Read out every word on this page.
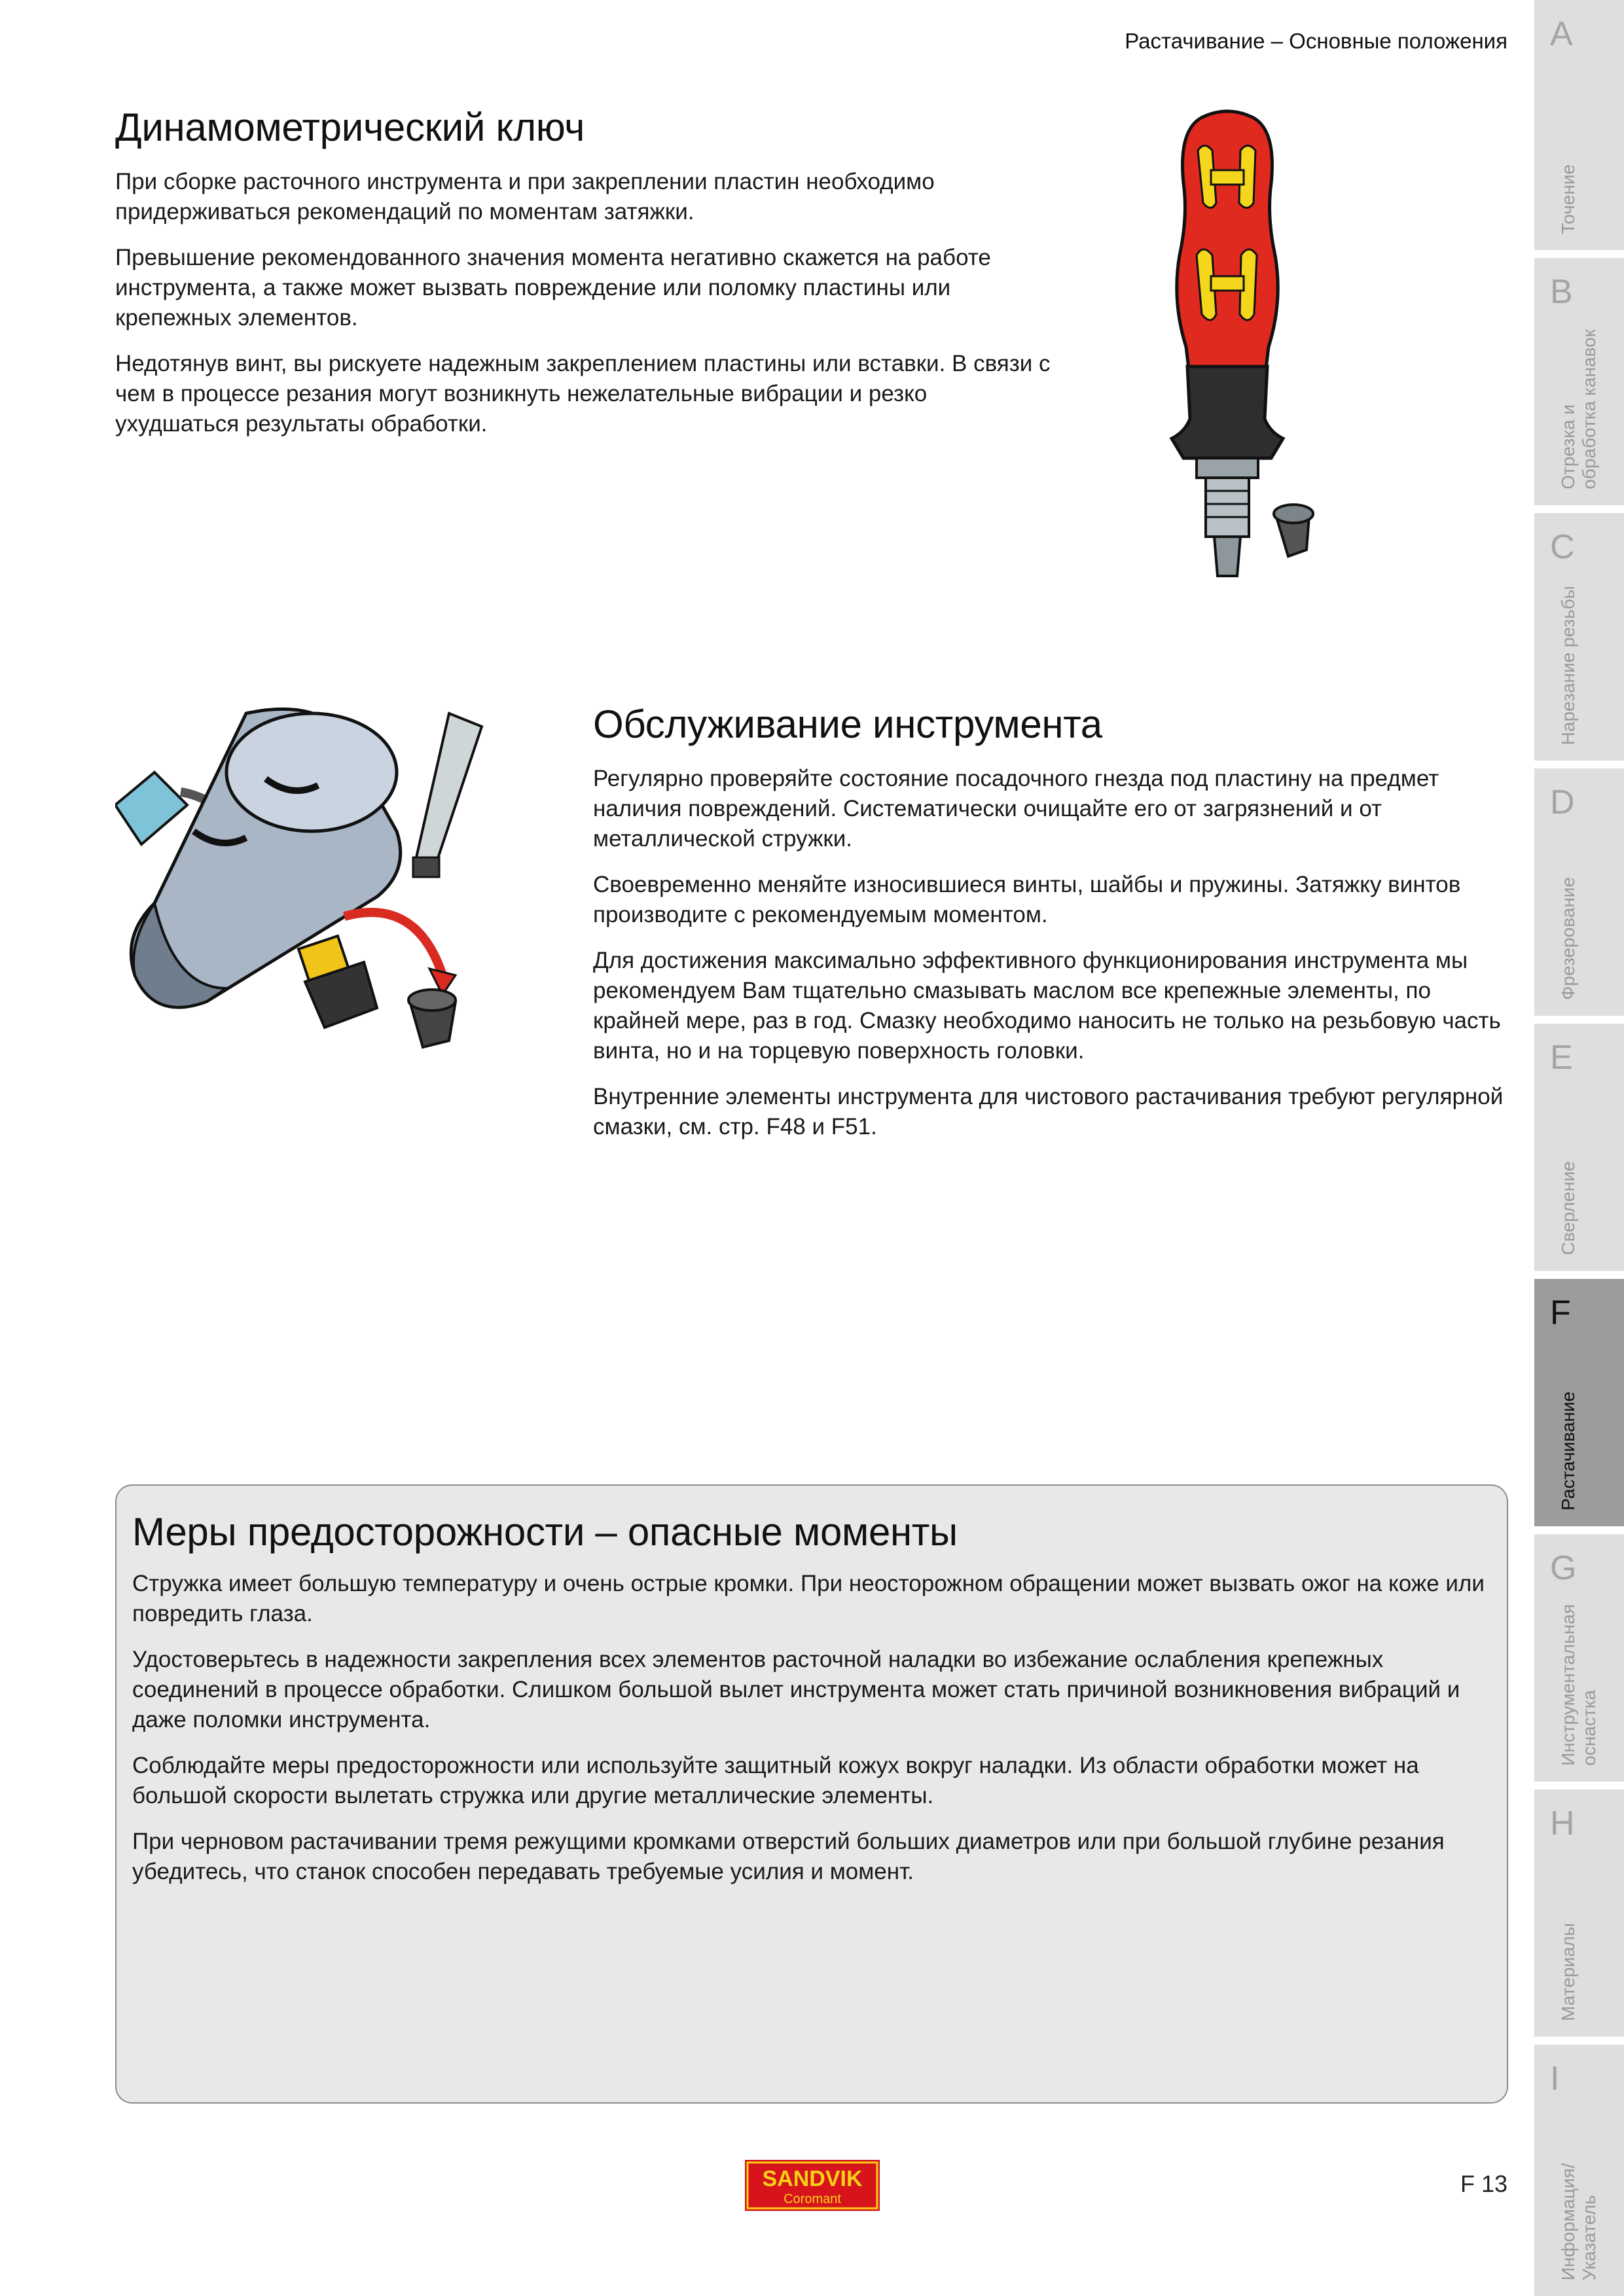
Растачивание – Основные положения
Динамометрический ключ

При сборке расточного инструмента и при закреплении пластин необходимо придерживаться рекомендаций по моментам затяжки.

Превышение рекомендованного значения момента негативно скажется на работе инструмента, а также может вызвать повреждение или поломку пластины или крепежных элементов.

Недотянув винт, вы рискуете надежным закреплением пластины или вставки. В связи с чем в процессе резания могут возникнуть нежелательные вибрации и резко ухудшаться результаты обработки.

Обслуживание инструмента

Регулярно проверяйте состояние посадочного гнезда под пластину на предмет наличия повреждений. Систематически очищайте его от загрязнений и от металлической стружки.

Своевременно меняйте износившиеся винты, шайбы и пружины. Затяжку винтов производите с рекомендуемым моментом.

Для достижения максимально эффективного функционирования инструмента мы рекомендуем Вам тщательно смазывать маслом все крепежные элементы, по крайней мере, раз в год. Смазку необходимо наносить не только на резьбовую часть винта, но и на торцевую поверхность головки.

Внутренние элементы инструмента для чистового растачивания требуют регулярной смазки, см. стр. F48 и F51.

Меры предосторожности – опасные моменты

Стружка имеет большую температуру и очень острые кромки. При неосторожном обращении может вызвать ожог на коже или повредить глаза.

Удостоверьтесь в надежности закрепления всех элементов расточной наладки во избежание ослабления крепежных соединений в процессе обработки. Слишком большой вылет инструмента может стать причиной возникновения вибраций и даже поломки инструмента.

Соблюдайте меры предосторожности или используйте защитный кожух вокруг наладки. Из области обработки может на большой скорости вылетать стружка или другие металлические элементы.

При черновом растачивании тремя режущими кромками отверстий больших диаметров или при большой глубине резания убедитесь, что станок способен передавать требуемые усилия и момент.

A
Точение
B
Отрезка и
обработка канавок
C
Нарезание резьбы
D
Фрезерование
E
Сверление
F
Растачивание
G
Инструментальная
оснастка
H
Материалы
I
Информация/
Указатель
SANDVIK
Coromant
F 13
